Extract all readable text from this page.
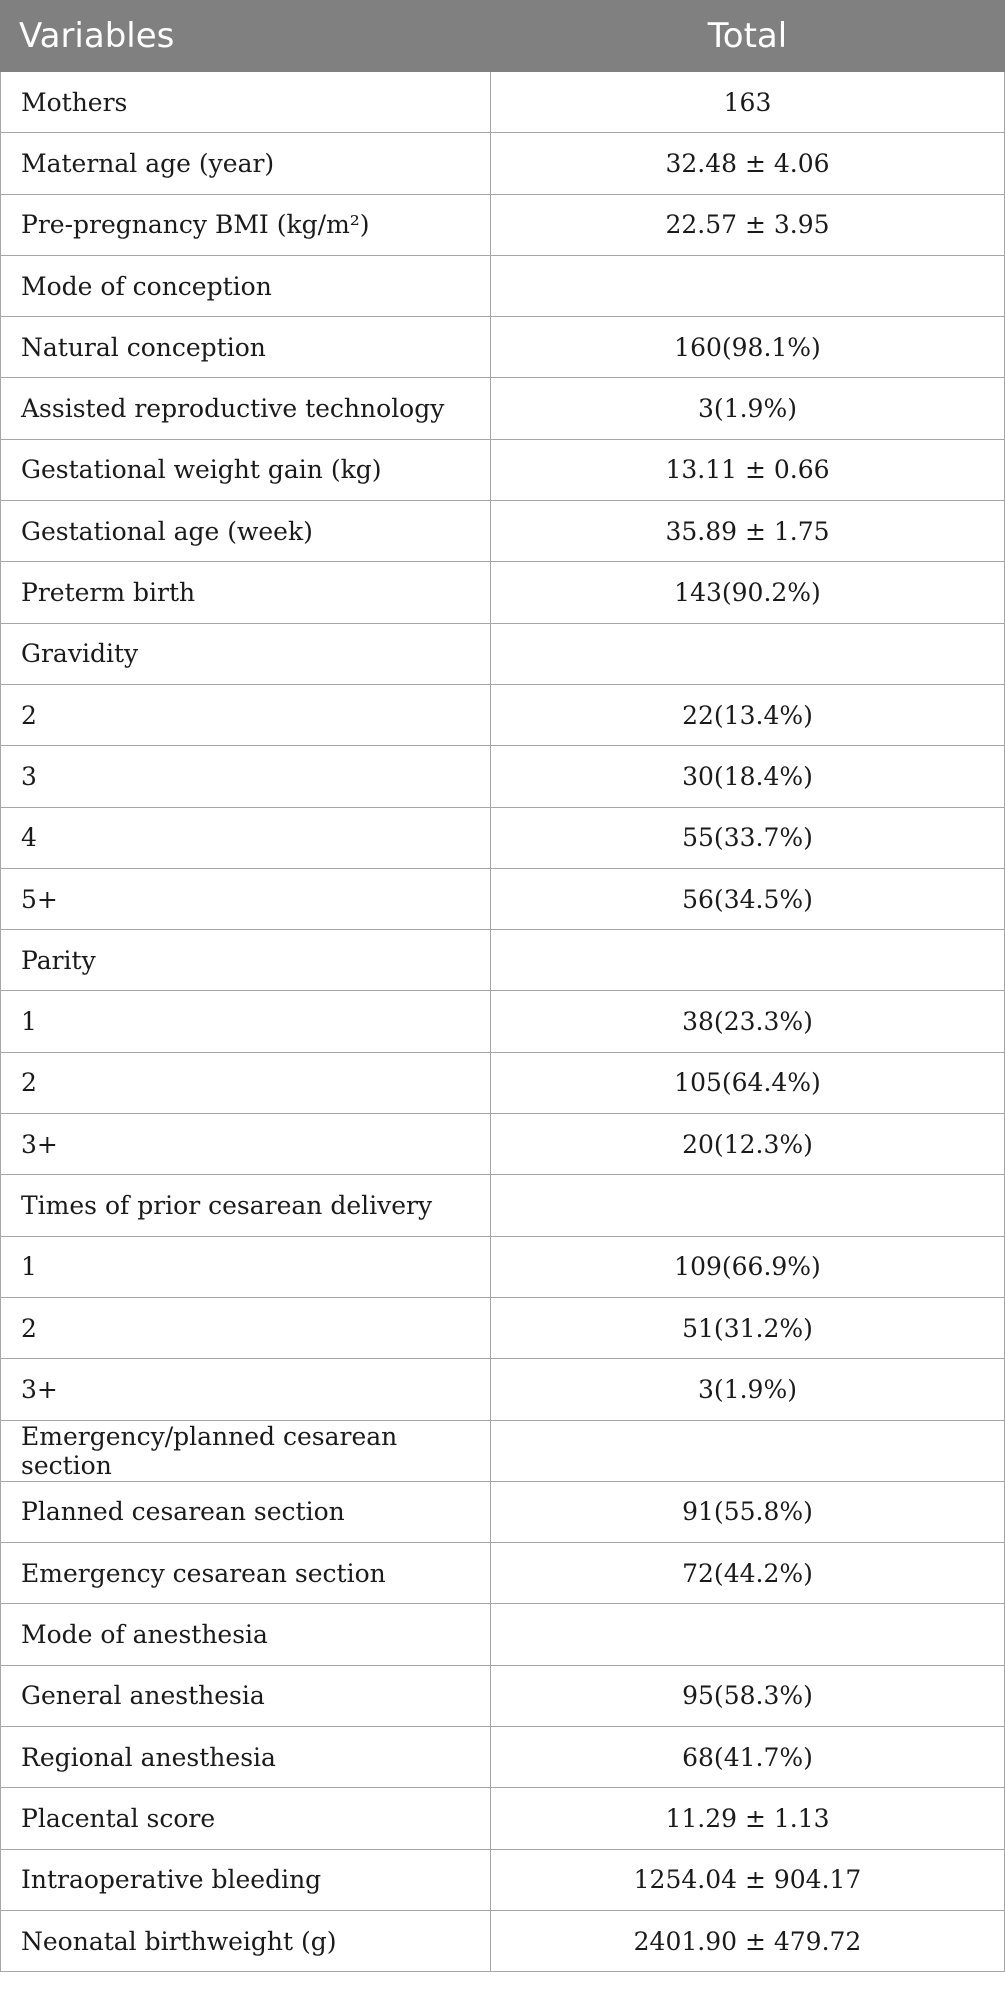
Variables	Total
Mothers	163
Maternal age (year)	32.48 ± 4.06
Pre-pregnancy BMI (kg/m²)	22.57 ± 3.95
Mode of conception	
Natural conception	160(98.1%)
Assisted reproductive technology	3(1.9%)
Gestational weight gain (kg)	13.11 ± 0.66
Gestational age (week)	35.89 ± 1.75
Preterm birth	143(90.2%)
Gravidity	
2	22(13.4%)
3	30(18.4%)
4	55(33.7%)
5+	56(34.5%)
Parity	
1	38(23.3%)
2	105(64.4%)
3+	20(12.3%)
Times of prior cesarean delivery	
1	109(66.9%)
2	51(31.2%)
3+	3(1.9%)
Emergency/planned cesarean section	
Planned cesarean section	91(55.8%)
Emergency cesarean section	72(44.2%)
Mode of anesthesia	
General anesthesia	95(58.3%)
Regional anesthesia	68(41.7%)
Placental score	11.29 ± 1.13
Intraoperative bleeding	1254.04 ± 904.17
Neonatal birthweight (g)	2401.90 ± 479.72
